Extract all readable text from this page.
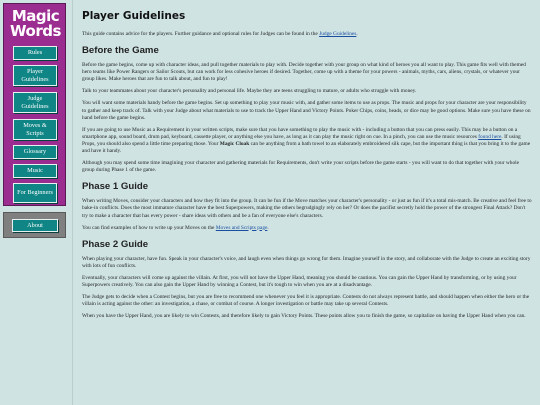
Magic
Words
Rules
Player Guidelines
Judge Guidelines
Moves & Scripts
Glossary
Music
For Beginners
About
Player Guidelines

This guide contains advice for the players. Further guidance and optional rules for Judges can be found in the Judge Guidelines.

Before the Game

Before the game begins, come up with character ideas, and pull together materials to play with. Decide together with your group on what kind of heroes you all want to play. This game fits well with themed hero teams like Power Rangers or Sailor Scouts, but can work for less cohesive heroes if desired. Together, come up with a theme for your powers - animals, myths, cars, aliens, crystals, or whatever your group likes. Make heroes that are fun to talk about, and fun to play!

Talk to your teammates about your character's personality and personal life. Maybe they are teens struggling to mature, or adults who struggle with money.

You will want some materials handy before the game begins. Set up something to play your music with, and gather some items to use as props. The music and props for your character are your responsibility to gather and keep track of. Talk with your Judge about what materials to use to track the Upper Hand and Victory Points. Poker Chips, coins, beads, or dice may be good options. Make sure you have these on hand before the game begins.

If you are going to use Music as a Requirement in your written scripts, make sure that you have something to play the music with - including a button that you can press easily. This may be a button on a smartphone app, sound board, drum pad, keyboard, cassette player, or anything else you have, as long as it can play the music right on cue. In a pinch, you can use the music resources found here. If using Props, you should also spend a little time preparing those. Your Magic Cloak can be anything from a bath towel to an elaborately embroidered silk cape, but the important thing is that you bring it to the game and have it handy.

Although you may spend some time imagining your character and gathering materials for Requirements, don't write your scripts before the game starts - you will want to do that together with your whole group during Phase 1 of the game.

Phase 1 Guide

When writing Moves, consider your characters and how they fit into the group. It can be fun if the Move matches your character's personality - or just as fun if it's a total mis-match. Be creative and feel free to bake-in conflicts. Does the most immature character have the best Superpowers, making the others begrudgingly rely on her? Or does the pacifist secretly hold the power of the strongest Final Attack? Don't try to make a character that has every power - share ideas with others and be a fan of everyone else's characters.

You can find examples of how to write up your Moves on the Moves and Scripts page.

Phase 2 Guide

When playing your character, have fun. Speak in your character's voice, and laugh even when things go wrong for them. Imagine yourself in the story, and collaborate with the Judge to create an exciting story with lots of fun conflicts.

Eventually, your characters will come up against the villain. At first, you will not have the Upper Hand, meaning you should be cautious. You can gain the Upper Hand by transforming, or by using your Superpowers creatively. You can also gain the Upper Hand by winning a Contest, but it's tough to win when you are at a disadvantage.

The Judge gets to decide when a Contest begins, but you are free to recommend one whenever you feel it is appropriate. Contests do not always represent battle, and should happen when either the hero or the villain is acting against the other: an investigation, a chase, or combat of course. A longer investigation or battle may take up several Contests.

When you have the Upper Hand, you are likely to win Contests, and therefore likely to gain Victory Points. These points allow you to finish the game, so capitalize on having the Upper Hand when you can.
